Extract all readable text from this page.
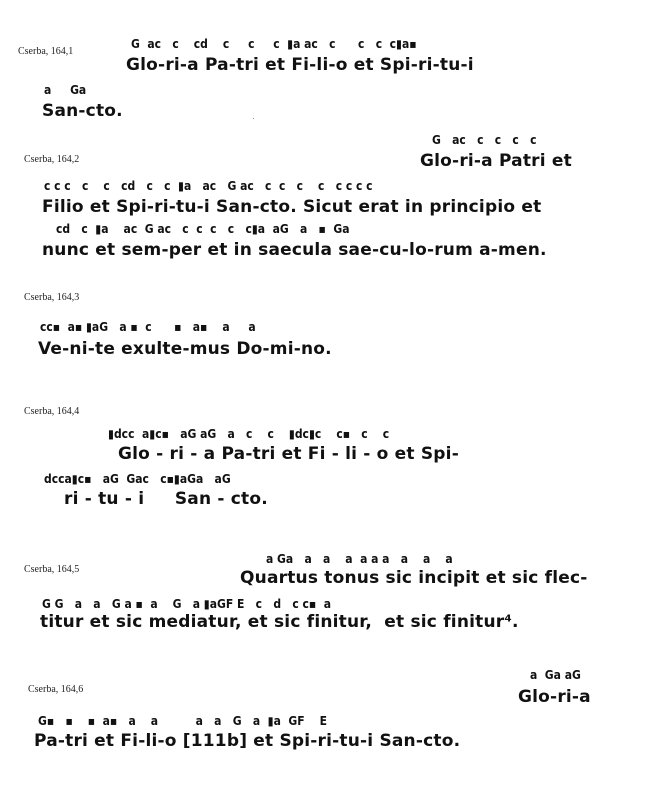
Cserba, 164,1
G  ac   c    cd    c     c     c  ▮a ac   c      c   c  c▮a▪
Glo-ri-a Pa-tri et Fi-li-o et Spi-ri-tu-i
a     Ga
San-cto.
G   ac   c   c   c   c
Cserba, 164,2	Glo-ri-a Patri et
c c c   c    c   cd   c   c  ▮a   ac   G ac   c  c   c    c   c c c c
Filio et Spi-ri-tu-i San-cto. Sicut erat in principio et
cd   c  ▮a    ac  G ac   c  c  c   c   c▮a  aG   a   ▪  Ga
nunc et sem-per et in saecula sae-cu-lo-rum a-men.
Cserba, 164,3
cc▪  a▪ ▮aG   a ▪  c      ▪   a▪    a     a
Ve-ni-te exulte-mus Do-mi-no.
Cserba, 164,4
▮dcc  a▮c▪   aG aG   a   c    c    ▮dc▮c    c▪   c    c
Glo - ri - a Pa-tri et Fi - li - o et Spi-
dcca▮c▪   aG  Gac   c▪▮aGa   aG
ri - tu - i     San - cto.
a Ga   a   a    a  a a a   a    a    a
Cserba, 164,5	Quartus tonus sic incipit et sic flec-
G G   a   a   G a ▪  a    G   a ▮aGF E   c   d   c c▪  a
titur et sic mediatur, et sic finitur,  et sic finitur⁴.
a  Ga aG
Cserba, 164,6	Glo-ri-a
G▪   ▪    ▪  a▪   a    a          a   a   G   a  ▮a  GF    E
Pa-tri et Fi-li-o [111b] et Spi-ri-tu-i San-cto.
